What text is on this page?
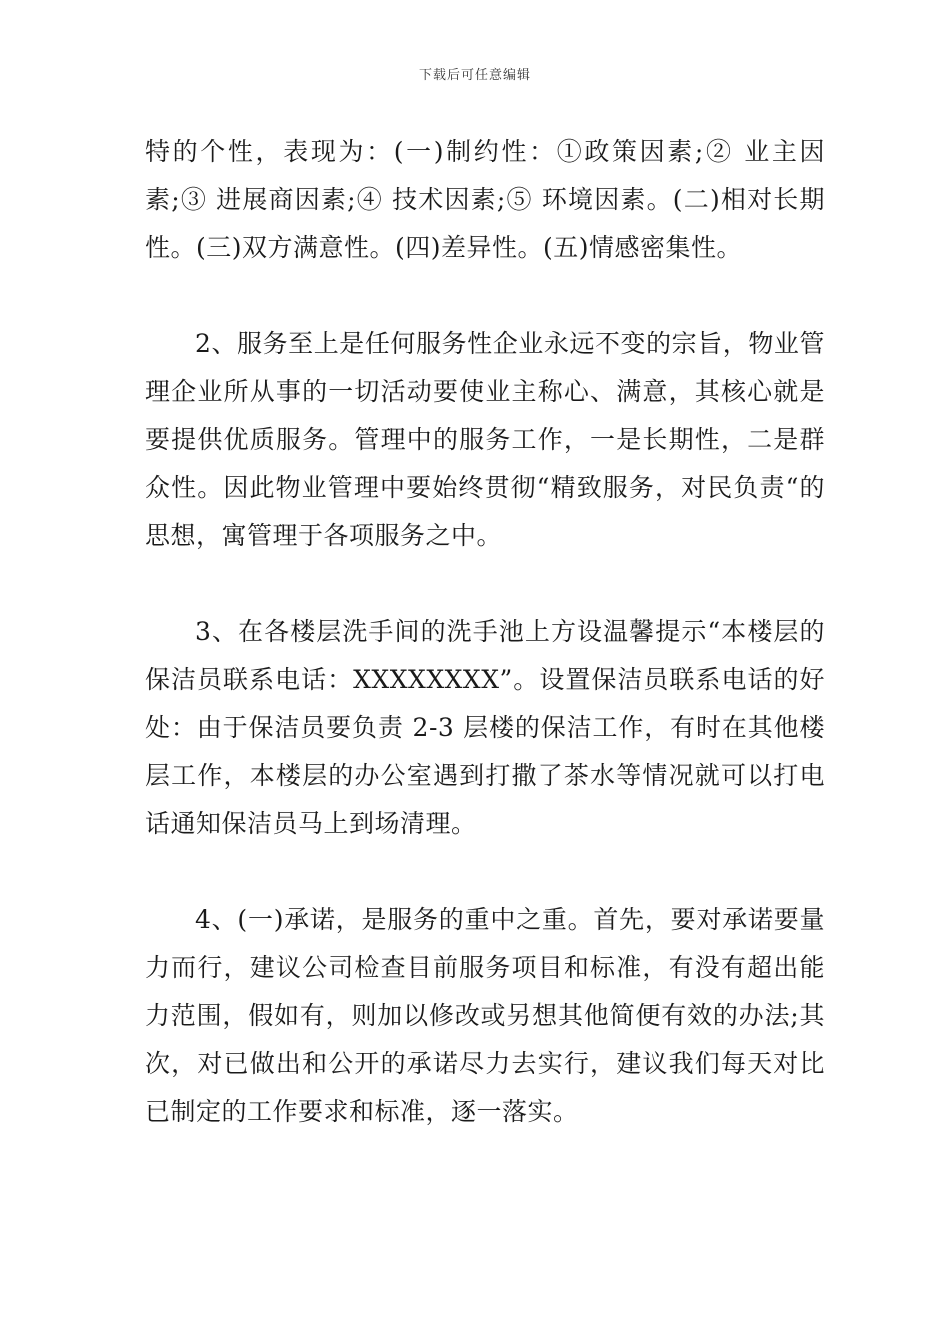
下载后可任意编辑

特的个性，表现为：(一)制约性：①政策因素;② 业主因素;③ 进展商因素;④ 技术因素;⑤ 环境因素。(二)相对长期性。(三)双方满意性。(四)差异性。(五)情感密集性。

2、服务至上是任何服务性企业永远不变的宗旨，物业管理企业所从事的一切活动要使业主称心、满意，其核心就是要提供优质服务。管理中的服务工作，一是长期性，二是群众性。因此物业管理中要始终贯彻“精致服务，对民负责“的思想，寓管理于各项服务之中。

3、在各楼层洗手间的洗手池上方设温馨提示“本楼层的保洁员联系电话：XXXXXXXX”。设置保洁员联系电话的好处：由于保洁员要负责 2-3 层楼的保洁工作，有时在其他楼层工作，本楼层的办公室遇到打撒了茶水等情况就可以打电话通知保洁员马上到场清理。

4、(一)承诺，是服务的重中之重。首先，要对承诺要量力而行，建议公司检查目前服务项目和标准，有没有超出能力范围，假如有，则加以修改或另想其他简便有效的办法;其次，对已做出和公开的承诺尽力去实行，建议我们每天对比已制定的工作要求和标准，逐一落实。
